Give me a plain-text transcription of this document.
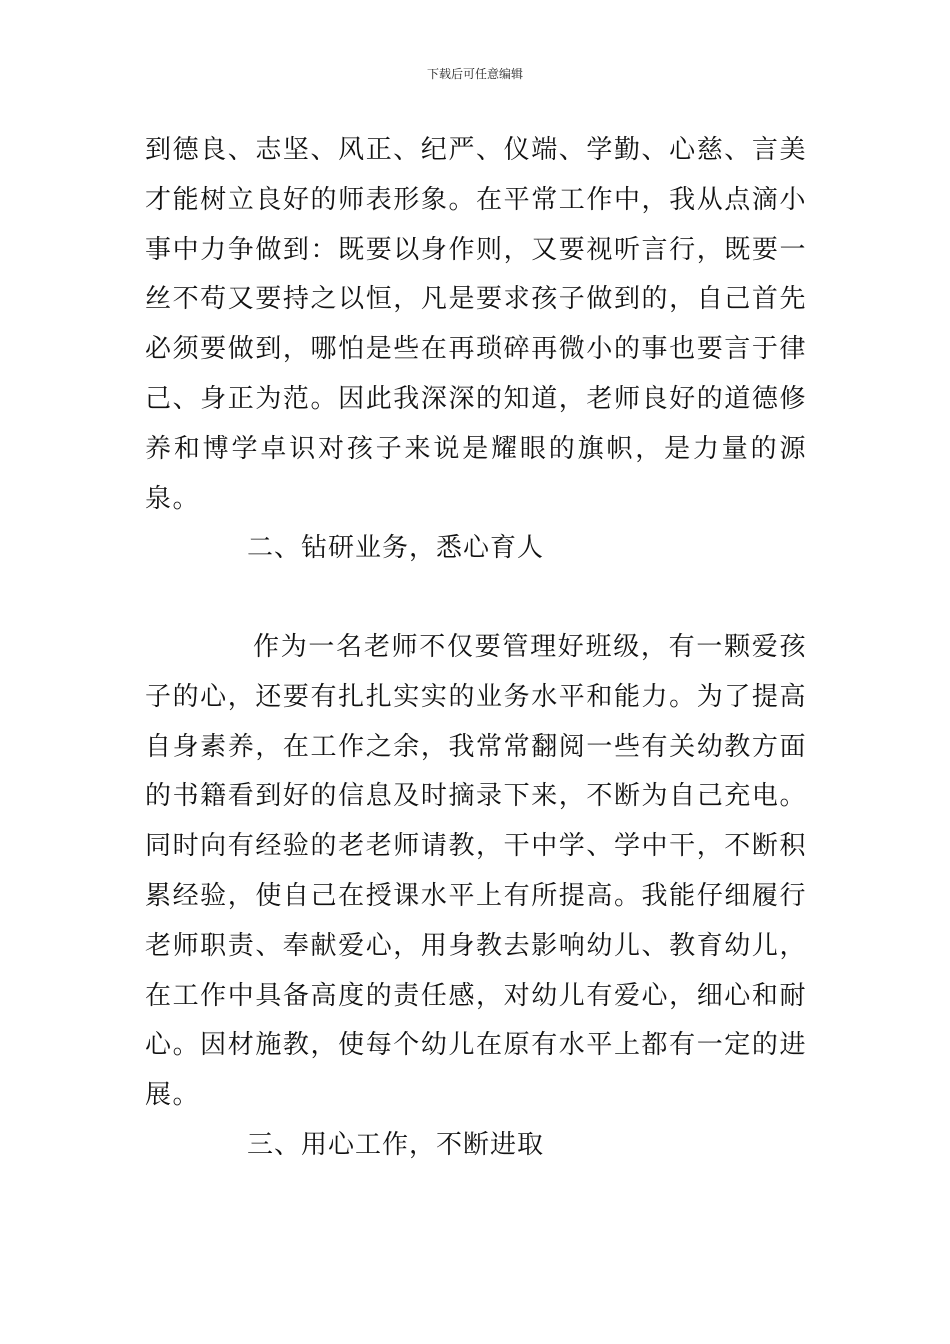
下载后可任意编辑

到德良、志坚、风正、纪严、仪端、学勤、心慈、言美才能树立良好的师表形象。在平常工作中，我从点滴小事中力争做到：既要以身作则，又要视听言行，既要一丝不苟又要持之以恒，凡是要求孩子做到的，自己首先必须要做到，哪怕是些在再琐碎再微小的事也要言于律己、身正为范。因此我深深的知道，老师良好的道德修养和博学卓识对孩子来说是耀眼的旗帜，是力量的源泉。

二、钻研业务，悉心育人

作为一名老师不仅要管理好班级，有一颗爱孩子的心，还要有扎扎实实的业务水平和能力。为了提高自身素养，在工作之余，我常常翻阅一些有关幼教方面的书籍看到好的信息及时摘录下来，不断为自己充电。同时向有经验的老老师请教，干中学、学中干，不断积累经验，使自己在授课水平上有所提高。我能仔细履行老师职责、奉献爱心，用身教去影响幼儿、教育幼儿，在工作中具备高度的责任感，对幼儿有爱心，细心和耐心。因材施教，使每个幼儿在原有水平上都有一定的进展。

三、用心工作，不断进取
